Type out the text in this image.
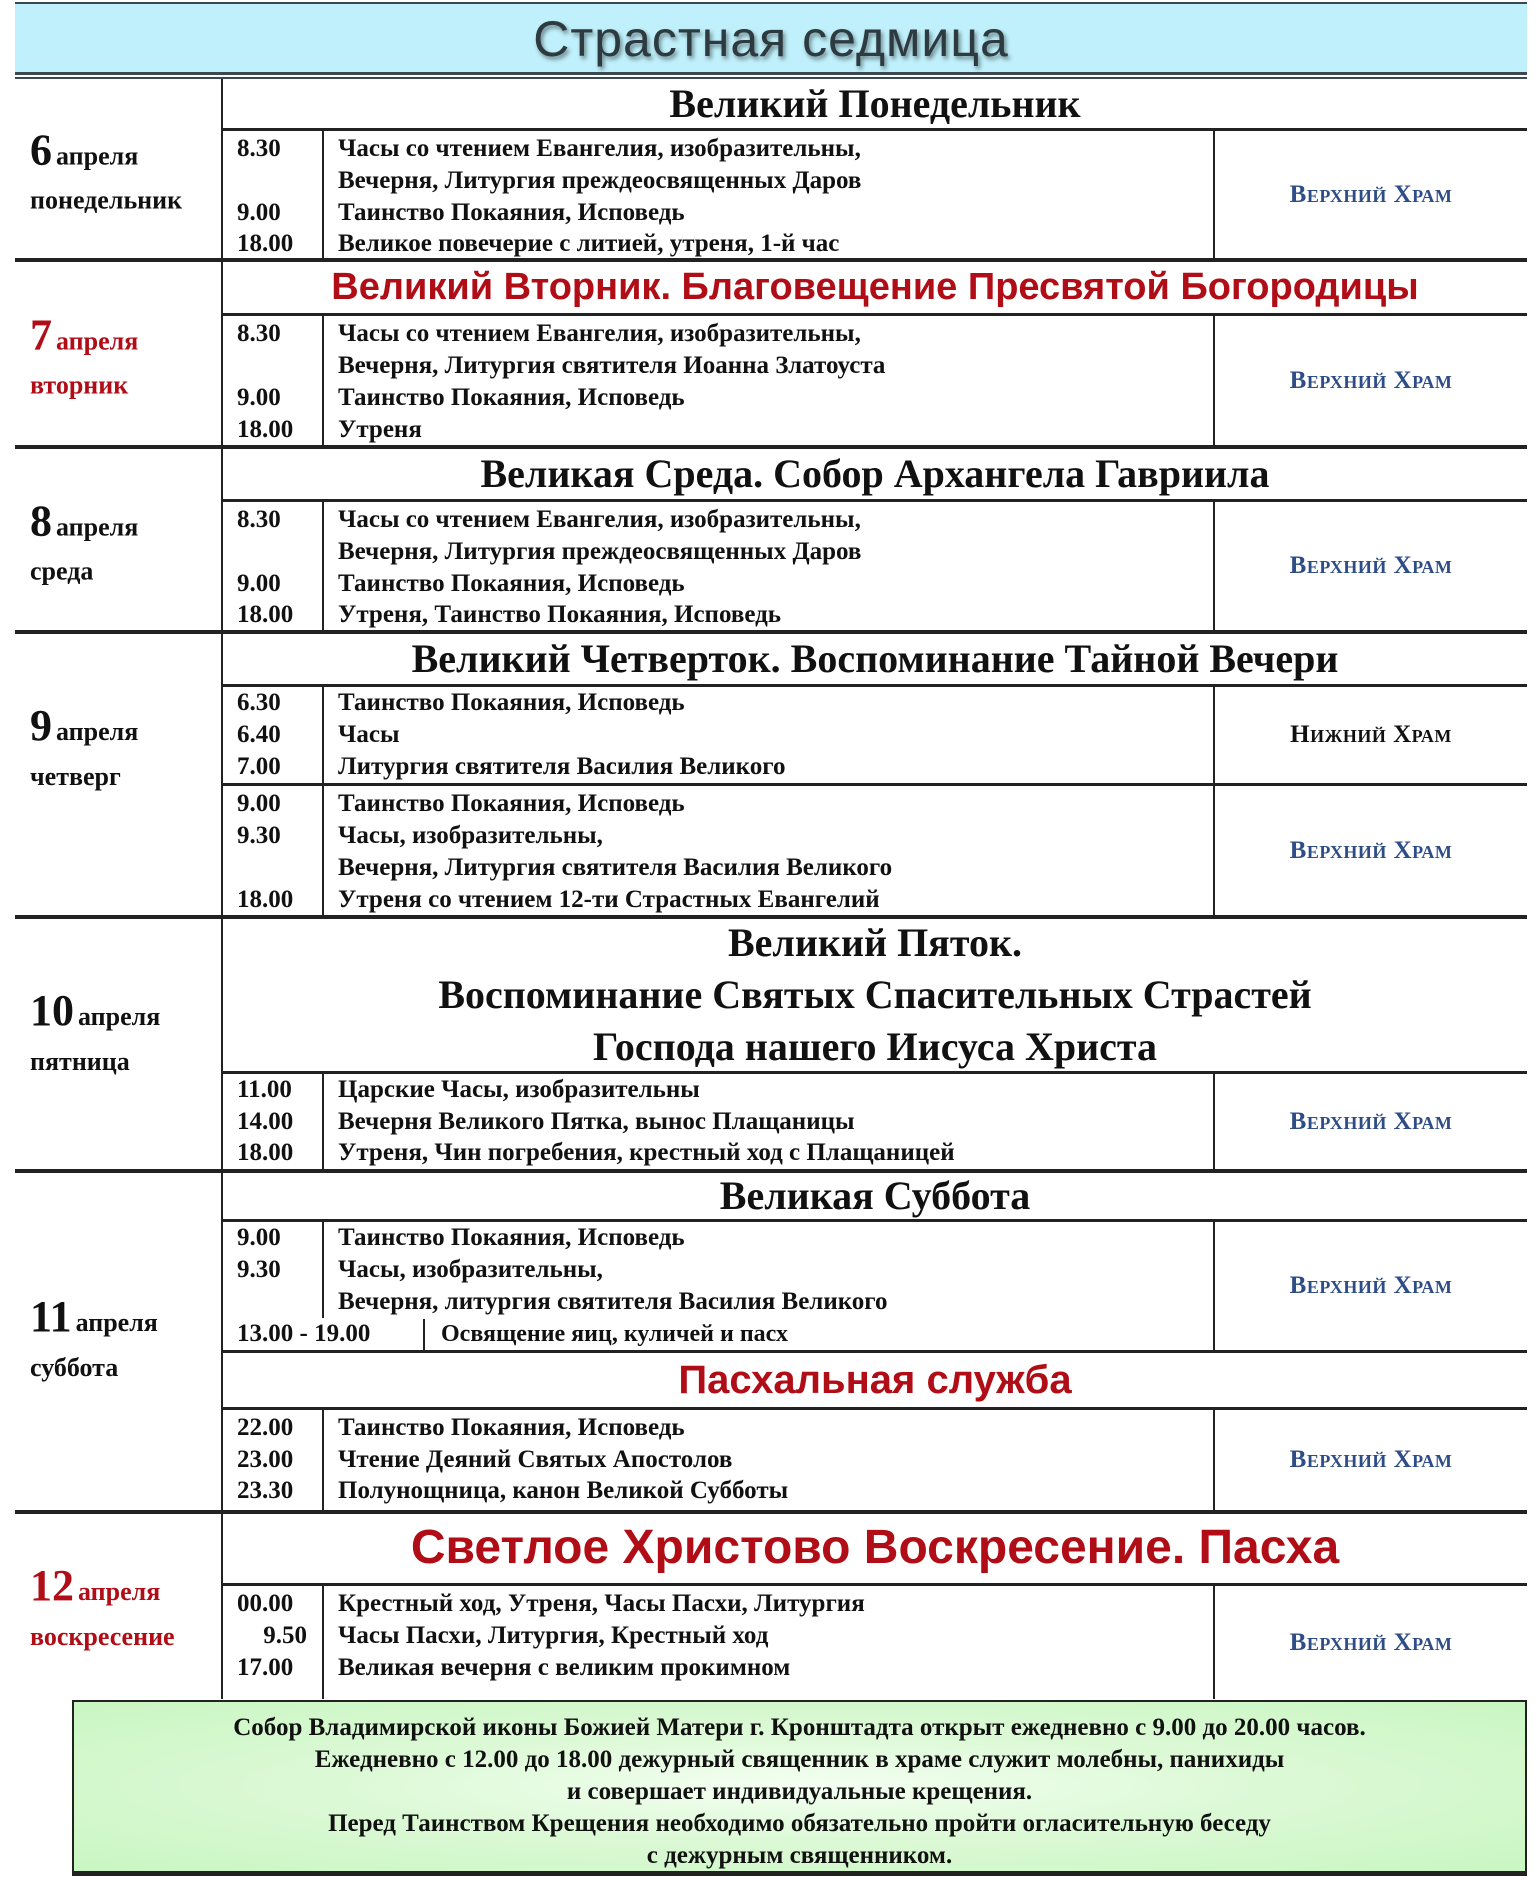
Страстная седмица
6 апреля
понедельник
Великий Понедельник
8.30	Часы со чтением Евангелия, изобразительны,
Вечерня, Литургия преждеосвященных Даров
9.00	Таинство Покаяния, Исповедь
18.00	Великое повечерие с литией, утреня, 1-й час
Верхний Храм
7 апреля
вторник
Великий Вторник. Благовещение Пресвятой Богородицы
8.30	Часы со чтением Евангелия, изобразительны,
Вечерня, Литургия святителя Иоанна Златоуста
9.00	Таинство Покаяния, Исповедь
18.00	Утреня
Верхний Храм
8 апреля
среда
Великая Среда. Собор Архангела Гавриила
8.30	Часы со чтением Евангелия, изобразительны,
Вечерня, Литургия преждеосвященных Даров
9.00	Таинство Покаяния, Исповедь
18.00	Утреня, Таинство Покаяния, Исповедь
Верхний Храм
9 апреля
четверг
Великий Четверток. Воспоминание Тайной Вечери
6.30	Таинство Покаяния, Исповедь
6.40	Часы
7.00	Литургия святителя Василия Великого
Нижний Храм
9.00	Таинство Покаяния, Исповедь
9.30	Часы, изобразительны,
Вечерня, Литургия святителя Василия Великого
18.00	Утреня со чтением 12-ти Страстных Евангелий
Верхний Храм
10 апреля
пятница
Великий Пяток.
Воспоминание Святых Спасительных Страстей
Господа нашего Иисуса Христа
11.00	Царские Часы, изобразительны
14.00	Вечерня Великого Пятка, вынос Плащаницы
18.00	Утреня, Чин погребения, крестный ход с Плащаницей
Верхний Храм
11 апреля
суббота
Великая Суббота
9.00	Таинство Покаяния, Исповедь
9.30	Часы, изобразительны,
Вечерня, литургия святителя Василия Великого
13.00 - 19.00	Освящение яиц, куличей и пасх
Верхний Храм
Пасхальная служба
22.00	Таинство Покаяния, Исповедь
23.00	Чтение Деяний Святых Апостолов
23.30	Полунощница, канон Великой Субботы
Верхний Храм
12 апреля
воскресение
Светлое Христово Воскресение. Пасха
00.00	Крестный ход, Утреня, Часы Пасхи, Литургия
9.50 Часы Пасхи, Литургия, Крестный ход
17.00	Великая вечерня с великим прокимном
Верхний Храм
Собор Владимирской иконы Божией Матери г. Кронштадта открыт ежедневно с 9.00 до 20.00 часов.
Ежедневно с 12.00 до 18.00 дежурный священник в храме служит молебны, панихиды
и совершает индивидуальные крещения.
Перед Таинством Крещения необходимо обязательно пройти огласительную беседу
с дежурным священником.
